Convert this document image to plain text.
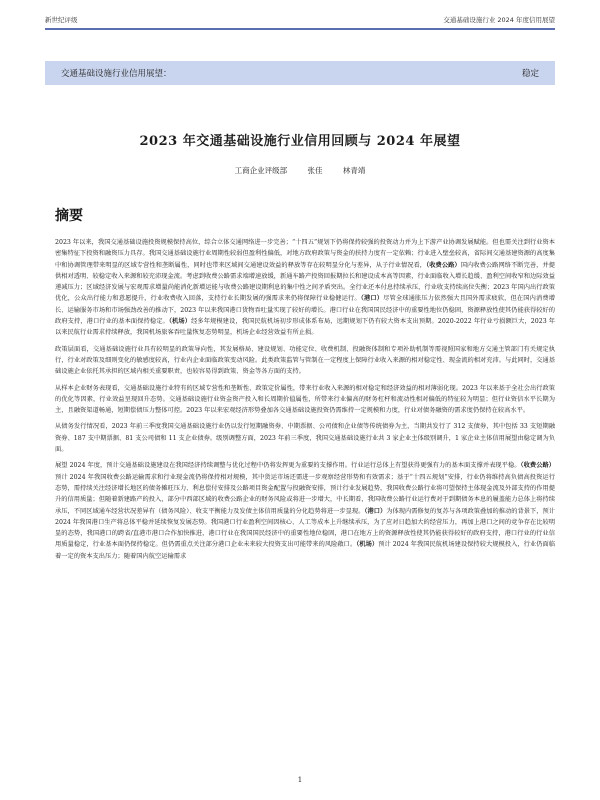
新世纪评级	交通基础设施行业 2024 年度信用展望
交通基础设施行业信用展望：	稳定
2023 年交通基础设施行业信用回顾与 2024 年展望
工商企业评级部	张佳	林青靖
摘要

2023 年以来，我国交通基础设施投资规模保持高位，综合立体交通网络进一步完善；“十四五”规划下仍将保持较强的投资动力并为上下游产业协调发展赋能。但也需关注到行业资本密集特征下投资和融资压力具存。我国交通基础设施行业周期性较弱但盈利性偏低，对地方政府政策与资金的扶持力度有一定依赖；行业进入壁垒较高，省际间交通基建资源的高度集中和协调管理带来明显的区域专营性和垄断属性，同时也带来区域间交通建设效益的释放等存在较明显分化与差异，从子行业情况看，（收费公路）国内收费公路网络不断完善，并提供相对透明、较稳定收入来源和较充沛现金流。考虑到收费公路需求端增速放缓，新通车路产投资回报期拉长和建设成本高等因素，行业面临收入增长趋缓、盈利空间收窄和边际效益递减压力；区域经济发展与宏观需求增量尚能消化新增运能与收费公路建设期利息的集中性之间矛盾突出。全行业还本付息持续承压，行业收支持续高位失衡；2023 年国内出行政策优化，公众出行能力和意愿提升，行业收费收入回落，支持行业长期发展的强需求来仍将保障行业稳健运行。（港口）尽管全球通胀压力依然强大且国外需求疲软，但在国内消费增长、运输服务市场和市场强劲改善的推动下，2023 年以来我国港口货物吞吐量实现了较好的增长。港口行业在我国国民经济中的重要性地位仍稳固，资源释放性使其仍能获得较好的政府支持，港口行业的基本面保持稳定。（机场）经多年规模建设，我国民航机场初步形成体系布局，远期规划下仍有较大资本支出预期。2020-2022 年行业亏损额巨大，2023 年以来民航行业需求持续释放，我国机场旅客吞吐量恢复态势明显，机场企业经营效益有所止损。

政策层面看，交通基础设施行业具有较明显的政策导向性，其发展格局、建设规划、功能定位、收费机制、投融资体制和专项补助机制等需视照国家和地方交通主管部门有关规定执行，行业对政策及细则变化的敏感度较高，行业内企业面临政策变动风险。此类政策监管与管制在一定程度上保障行业收入来源的相对稳定性、现金流的相对充沛。与此同时，交通基础设施企业依托其承担的区域内相关重要职责，也较容易得到政策、资金等各方面的支持。

从样本企业财务表现看，交通基础设施行业特有的区域专营性和垄断性、政策定价属性，带来行业收入来源的相对稳定和经济效益的相对薄弱化现。2023 年以来基于全社会出行政策的优化等因素，行业效益呈现回升态势。交通基础设施行业资金资产投入和长周期价值属性，所带来行业偏高的财务杠杆和流动性相对偏低的特征较为明显；但行业资信水平长期为主，且融资渠道畅通，短期偿债压力整体可控。2023 年以来宏观经济形势叠加各交通基础设施投资仍需维持一定规模和力度，行业对债务融资的需求度仍保持在较高水平。

从债务发行情况看，2023 年前三季度我国交通基础设施行业仍以发行短期融资券、中期票据、公司债和企业债等传统债券为主，当期共发行了 312 支债券，其中包括 33 支短期融资券、187 支中期票据、81 支公司债和 11 支企业债券。级别调整方面，2023 年前三季度，我国交通基础设施行业共 3 家企业主体级别调升，1 家企业主体信用展望由稳定调为负面。

展望 2024 年度，预计交通基础设施建设在我国经济持续调整与优化过程中仍将发挥更为重要的支撑作用。行业运行总体上有望获得更强有力的基本面支撑并表现平稳。（收费公路）预计 2024 年我国收费公路运输需求和行业现金流仍将保持相对规模，其中货运市场还需进一步观察经营形势和有效需求；基于“十四五规划”安排，行业仍将维持高负债高投资运行态势，需持续关注经济增长地区的债务摊旺压力、利息偿付安排及公路项目资金配置与投融资安排，预计行业发展趋势，我国收费公路行业将可望保持主体现金流及外部支持的作用提升的信用质量；但随着新建路产的投入，部分中西部区域的收费公路企业的财务风险或将进一步增大，中长期看，我国收费公路行业运行费对于到期债务本息的履盖能力总体上将持续承压，不同区域通车经营状况差异有（债务风险）、收支平衡能力及发债主体信用质量的分化趋势将进一步显现。（港口）为体现内需修复的复苏与各项政策叠加的推动的背景下，预计 2024 年我国港口生产将总体平稳并延续恢复发展态势。我国港口行业盈利空间因核心、人工等成本上升继续承压，为了应对日趋加大的经营压力，再加上港口之间的竞争存在比较明显的态势，我国港口的跨省/直港市港口合作加快推进，港口行业在我国国民经济中的重要性地位稳固，港口在地方上的资源释放性使其仍能获得较好的政府支持，港口行业的行业信用质量稳定，行业基本面仍保持稳定。但仍需重点关注部分港口企业未来较大投资支出可能带来的风险敞口。（机场）预计 2024 年我国民航机场建设保持较大规模投入，行业仍面临着一定的资本支出压力；随着国内航空运输需求

1
